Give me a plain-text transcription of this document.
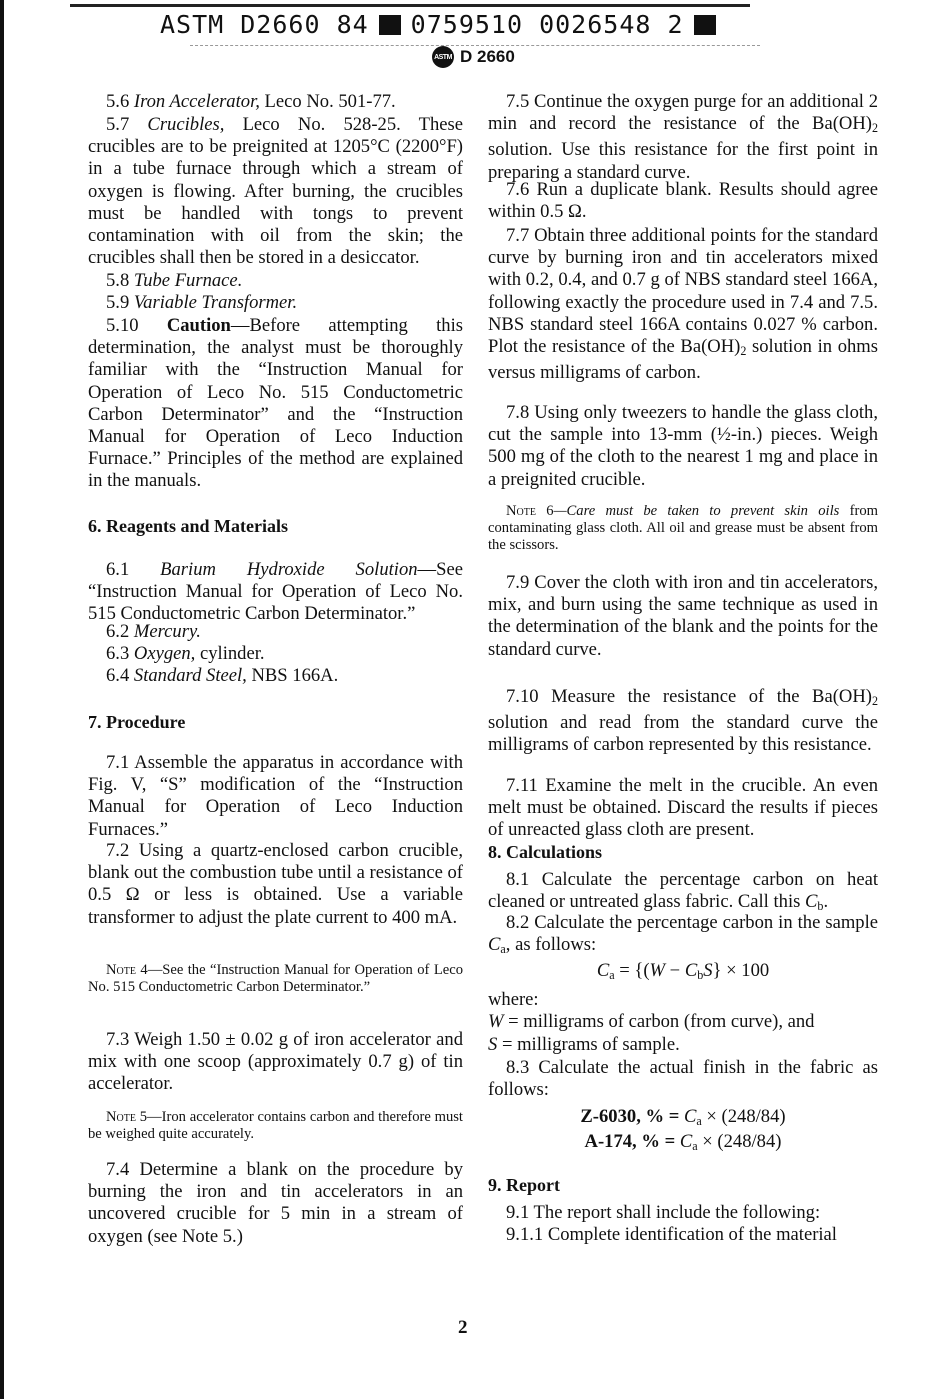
ASTM D2660 84 0759510 0026548 2
ASTM D 2660
5.6 Iron Accelerator, Leco No. 501-77.
5.7 Crucibles, Leco No. 528-25. These crucibles are to be preignited at 1205°C (2200°F) in a tube furnace through which a stream of oxygen is flowing. After burning, the crucibles must be handled with tongs to prevent contamination with oil from the skin; the crucibles shall then be stored in a desiccator.
5.8 Tube Furnace.
5.9 Variable Transformer.
5.10 Caution—Before attempting this determination, the analyst must be thoroughly familiar with the “Instruction Manual for Operation of Leco No. 515 Conductometric Carbon Determinator” and the “Instruction Manual for Operation of Leco Induction Furnace.” Principles of the method are explained in the manuals.
6. Reagents and Materials
6.1 Barium Hydroxide Solution—See “Instruction Manual for Operation of Leco No. 515 Conductometric Carbon Determinator.”
6.2 Mercury.
6.3 Oxygen, cylinder.
6.4 Standard Steel, NBS 166A.
7. Procedure
7.1 Assemble the apparatus in accordance with Fig. V, “S” modification of the “Instruction Manual for Operation of Leco Induction Furnaces.”
7.2 Using a quartz-enclosed carbon crucible, blank out the combustion tube until a resistance of 0.5 Ω or less is obtained. Use a variable transformer to adjust the plate current to 400 mA.
Note 4—See the “Instruction Manual for Operation of Leco No. 515 Conductometric Carbon Determinator.”
7.3 Weigh 1.50 ± 0.02 g of iron accelerator and mix with one scoop (approximately 0.7 g) of tin accelerator.
Note 5—Iron accelerator contains carbon and therefore must be weighed quite accurately.
7.4 Determine a blank on the procedure by burning the iron and tin accelerators in an uncovered crucible for 5 min in a stream of oxygen (see Note 5.)
7.5 Continue the oxygen purge for an additional 2 min and record the resistance of the $Ba(OH)_2$ solution. Use this resistance for the first point in preparing a standard curve.
7.6 Run a duplicate blank. Results should agree within 0.5 Ω.
7.7 Obtain three additional points for the standard curve by burning iron and tin accelerators mixed with 0.2, 0.4, and 0.7 g of NBS standard steel 166A, following exactly the procedure used in 7.4 and 7.5. NBS standard steel 166A contains 0.027 % carbon. Plot the resistance of the $Ba(OH)_2$ solution in ohms versus milligrams of carbon.
7.8 Using only tweezers to handle the glass cloth, cut the sample into 13-mm (½-in.) pieces. Weigh 500 mg of the cloth to the nearest 1 mg and place in a preignited crucible.
Note 6—Care must be taken to prevent skin oils from contaminating glass cloth. All oil and grease must be absent from the scissors.
7.9 Cover the cloth with iron and tin accelerators, mix, and burn using the same technique as used in the determination of the blank and the points for the standard curve.
7.10 Measure the resistance of the $Ba(OH)_2$ solution and read from the standard curve the milligrams of carbon represented by this resistance.
7.11 Examine the melt in the crucible. An even melt must be obtained. Discard the results if pieces of unreacted glass cloth are present.
8. Calculations
8.1 Calculate the percentage carbon on heat cleaned or untreated glass fabric. Call this $C_b$.
8.2 Calculate the percentage carbon in the sample $C_a$, as follows:
$C_a = \{(W - C_bS\} \times 100$
where:
W = milligrams of carbon (from curve), and
S = milligrams of sample.
8.3 Calculate the actual finish in the fabric as follows:
Z-6030, % = $C_a \times (248/84)$
A-174, % = $C_a \times (248/84)$
9. Report
9.1 The report shall include the following:
9.1.1 Complete identification of the material
2
